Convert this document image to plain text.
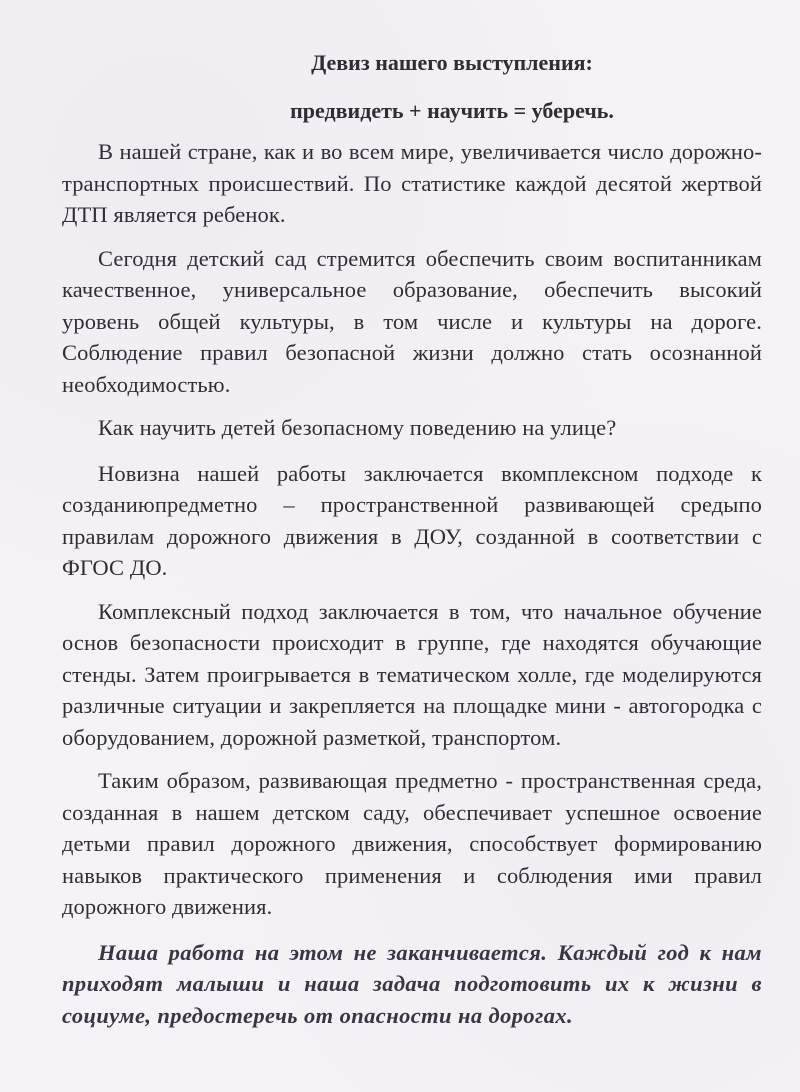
Девиз нашего выступления:
предвидеть + научить = уберечь.

В нашей стране, как и во всем мире, увеличивается число дорожно-транспортных происшествий. По статистике каждой десятой жертвой ДТП является ребенок.

Сегодня детский сад стремится обеспечить своим воспитанникам качественное, универсальное образование, обеспечить высокий уровень общей культуры, в том числе и культуры на дороге. Соблюдение правил безопасной жизни должно стать осознанной необходимостью.

Как научить детей безопасному поведению на улице?

Новизна нашей работы заключается вкомплексном подходе к созданиюпредметно – пространственной развивающей средыпо правилам дорожного движения в ДОУ, созданной в соответствии с ФГОС ДО.

Комплексный подход заключается в том, что начальное обучение основ безопасности происходит в группе, где находятся обучающие стенды. Затем проигрывается в тематическом холле, где моделируются различные ситуации и закрепляется на площадке мини - автогородка с оборудованием, дорожной разметкой, транспортом.

Таким образом, развивающая предметно - пространственная среда, созданная в нашем детском саду, обеспечивает успешное освоение детьми правил дорожного движения, способствует формированию навыков практического применения и соблюдения ими правил дорожного движения.

Наша работа на этом не заканчивается. Каждый год к нам приходят малыши и наша задача подготовить их к жизни в социуме, предостеречь от опасности на дорогах.
